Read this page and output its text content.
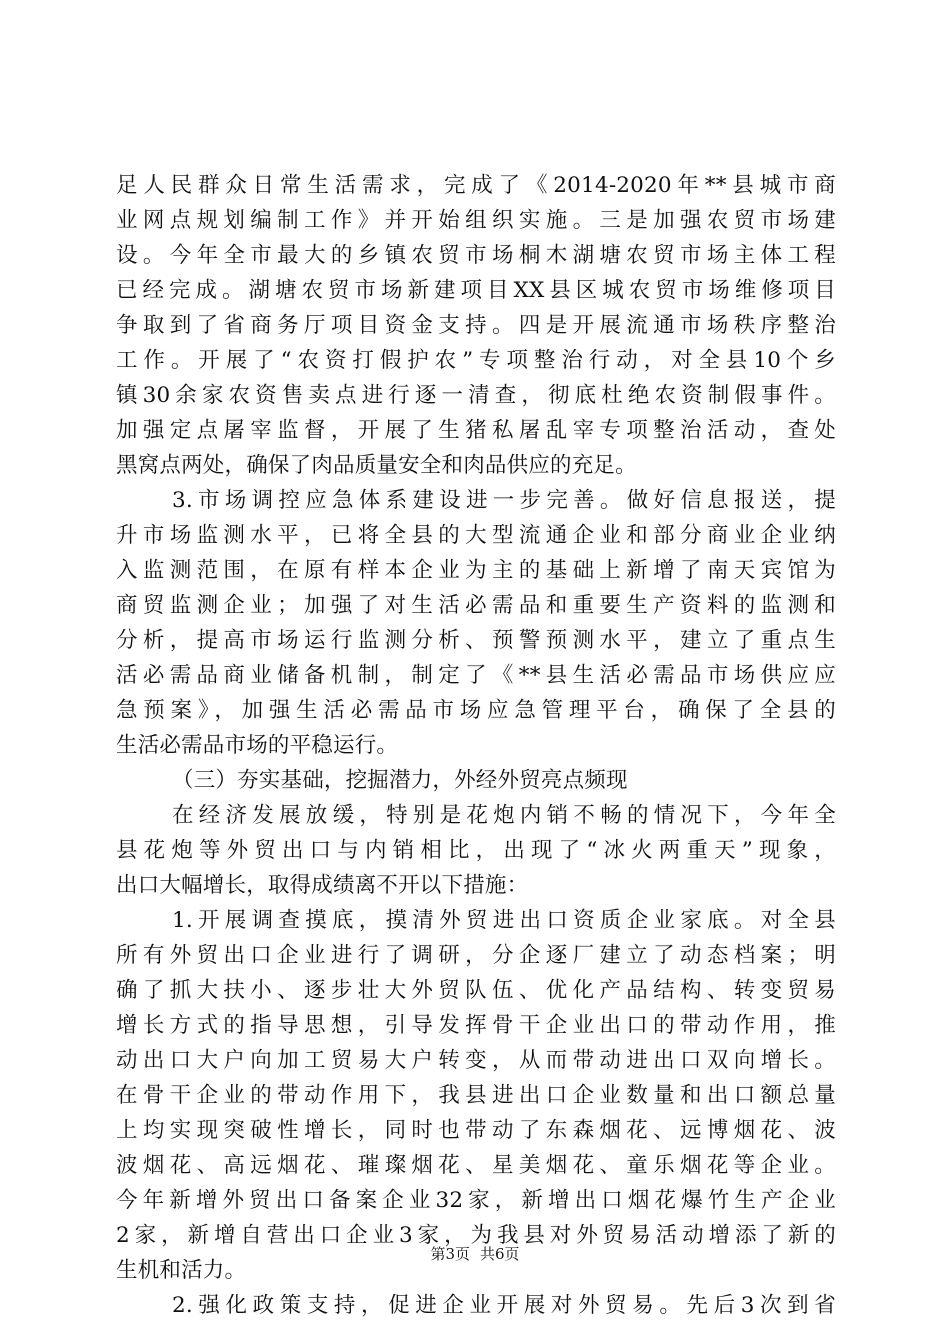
足人民群众日常生活需求，完成了《2014-2020年**县城市商
业网点规划编制工作》并开始组织实施。三是加强农贸市场建
设。今年全市最大的乡镇农贸市场桐木湖塘农贸市场主体工程
已经完成。湖塘农贸市场新建项目XX县区城农贸市场维修项目
争取到了省商务厅项目资金支持。四是开展流通市场秩序整治
工作。开展了“农资打假护农”专项整治行动，对全县10个乡
镇30余家农资售卖点进行逐一清查，彻底杜绝农资制假事件。
加强定点屠宰监督，开展了生猪私屠乱宰专项整治活动，查处
黑窝点两处，确保了肉品质量安全和肉品供应的充足。
3.市场调控应急体系建设进一步完善。做好信息报送，提
升市场监测水平，已将全县的大型流通企业和部分商业企业纳
入监测范围，在原有样本企业为主的基础上新增了南天宾馆为
商贸监测企业；加强了对生活必需品和重要生产资料的监测和
分析，提高市场运行监测分析、预警预测水平，建立了重点生
活必需品商业储备机制，制定了《**县生活必需品市场供应应
急预案》，加强生活必需品市场应急管理平台，确保了全县的
生活必需品市场的平稳运行。
（三）夯实基础，挖掘潜力，外经外贸亮点频现
在经济发展放缓，特别是花炮内销不畅的情况下，今年全
县花炮等外贸出口与内销相比，出现了“冰火两重天”现象，
出口大幅增长，取得成绩离不开以下措施：
1.开展调查摸底，摸清外贸进出口资质企业家底。对全县
所有外贸出口企业进行了调研，分企逐厂建立了动态档案；明
确了抓大扶小、逐步壮大外贸队伍、优化产品结构、转变贸易
增长方式的指导思想，引导发挥骨干企业出口的带动作用，推
动出口大户向加工贸易大户转变，从而带动进出口双向增长。
在骨干企业的带动作用下，我县进出口企业数量和出口额总量
上均实现突破性增长，同时也带动了东森烟花、远博烟花、波
波烟花、高远烟花、璀璨烟花、星美烟花、童乐烟花等企业。
今年新增外贸出口备案企业32家，新增出口烟花爆竹生产企业
2家，新增自营出口企业3家，为我县对外贸易活动增添了新的
生机和活力。
2.强化政策支持，促进企业开展对外贸易。先后3次到省
第3页 共6页
